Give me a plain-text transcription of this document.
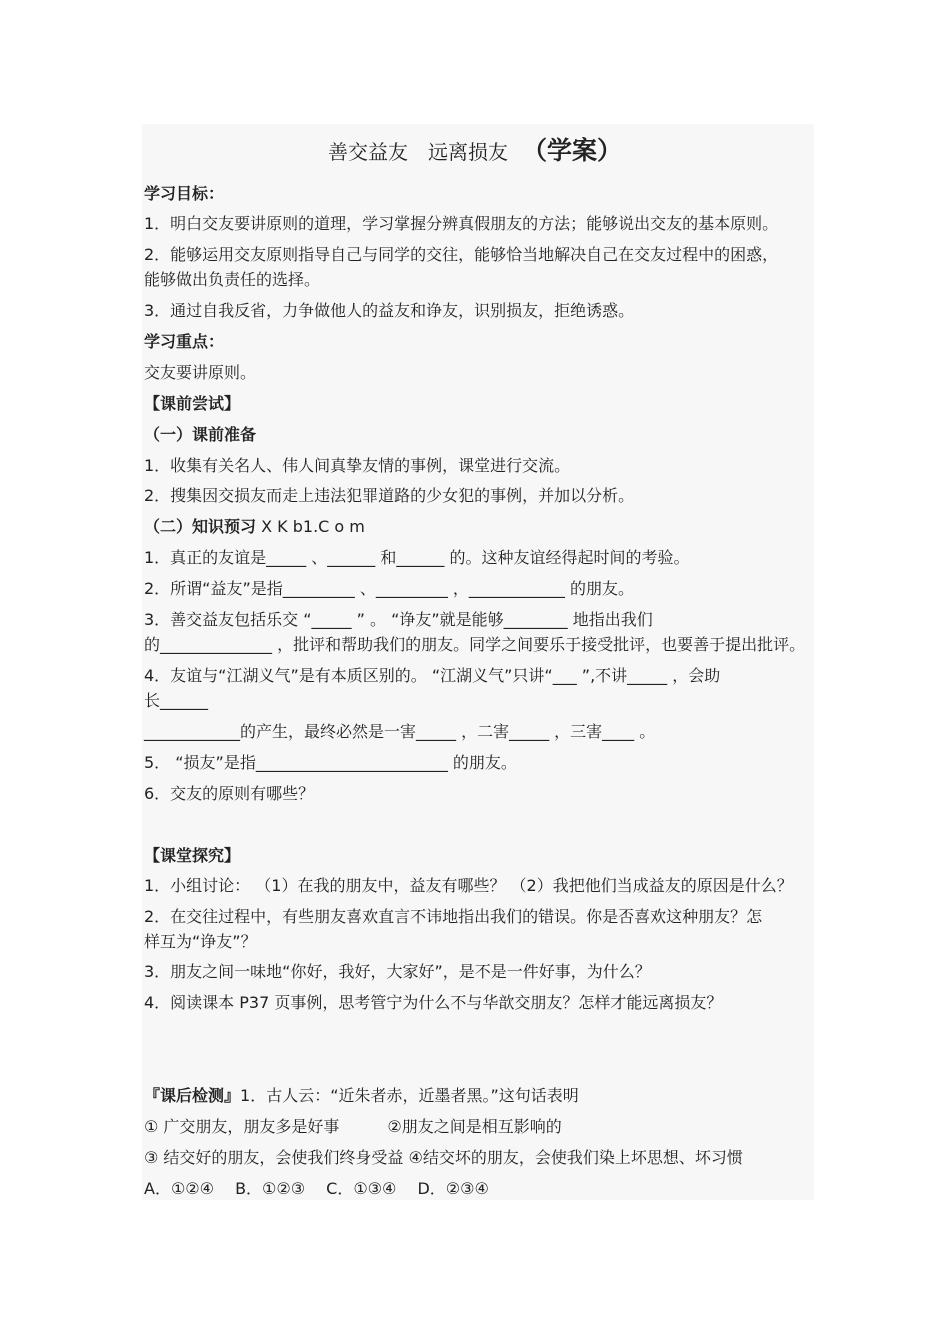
善交益友　远离损友 （学案）

学习目标：

1．明白交友要讲原则的道理，学习掌握分辨真假朋友的方法；能够说出交友的基本原则。

2．能够运用交友原则指导自己与同学的交往，能够恰当地解决自己在交友过程中的困惑，

能够做出负责任的选择。

3．通过自我反省，力争做他人的益友和诤友，识别损友，拒绝诱惑。

学习重点：

交友要讲原则。

【课前尝试】

（一）课前准备

1．收集有关名人、伟人间真挚友情的事例，课堂进行交流。

2．搜集因交损友而走上违法犯罪道路的少女犯的事例，并加以分析。

（二）知识预习 X K b1.C o m

1．真正的友谊是_____ 、______ 和______ 的。这种友谊经得起时间的考验。

2．所谓“益友”是指_________ 、_________ ，____________ 的朋友。

3．善交益友包括乐交 “_____ ” 。 “诤友”就是能够________ 地指出我们

的______________ ，批评和帮助我们的朋友。同学之间要乐于接受批评，也要善于提出批评。

4．友谊与“江湖义气”是有本质区别的。 “江湖义气”只讲“___ ”,不讲_____ ，会助

长______

____________的产生，最终必然是一害_____ ，二害_____ ，三害____ 。

5． “损友”是指________________________ 的朋友。

6．交友的原则有哪些？

【课堂探究】

1．小组讨论： （1）在我的朋友中，益友有哪些？ （2）我把他们当成益友的原因是什么？

2．在交往过程中，有些朋友喜欢直言不讳地指出我们的错误。你是否喜欢这种朋友？怎

样互为“诤友”？

3．朋友之间一味地“你好，我好，大家好”，是不是一件好事，为什么？

4．阅读课本 P37 页事例，思考管宁为什么不与华歆交朋友？怎样才能远离损友？

『课后检测』1．古人云：“近朱者赤，近墨者黑。”这句话表明

① 广交朋友，朋友多是好事　　　②朋友之间是相互影响的

③ 结交好的朋友，会使我们终身受益 ④结交坏的朋友，会使我们染上坏思想、坏习惯

A．①②④　 B．①②③　 C．①③④　 D．②③④
